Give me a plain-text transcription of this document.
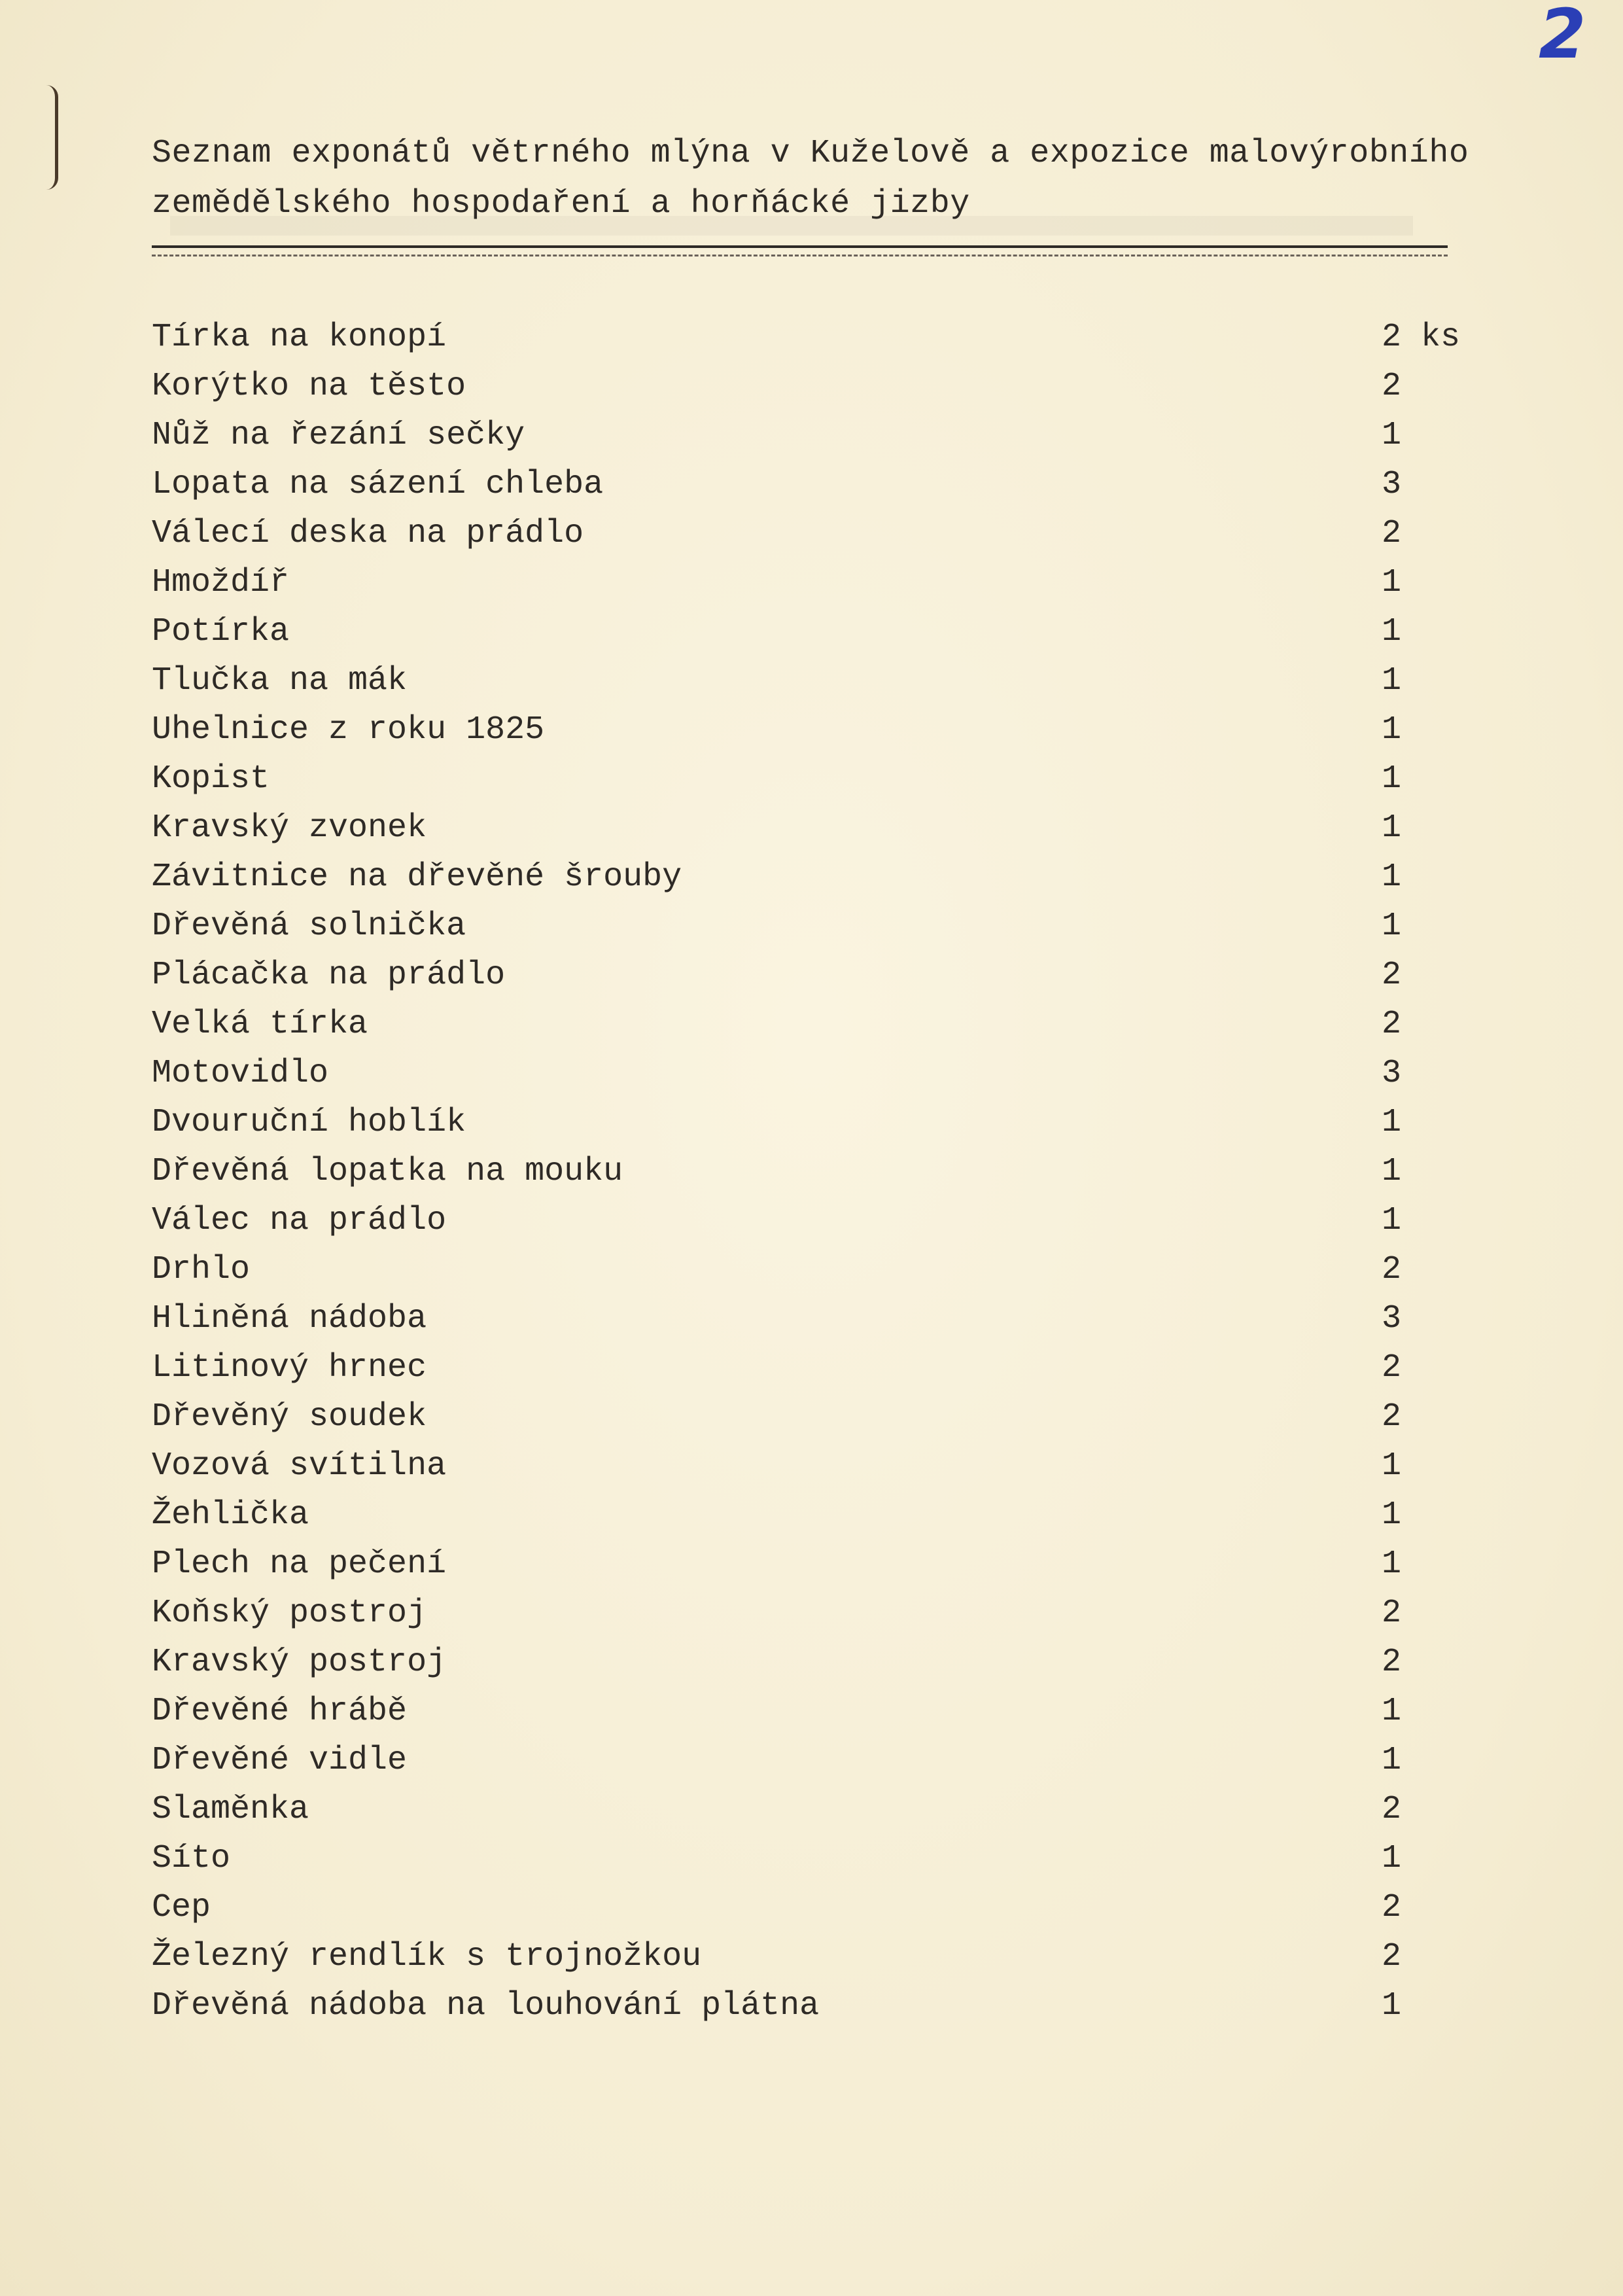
2
Seznam exponátů větrného mlýna v Kuželově a expozice malovýrobního
zemědělského hospodaření a horňácké jizby
Tírka na konopí	2 ks
Korýtko na těsto	2
Nůž na řezání sečky	1
Lopata na sázení chleba	3
Válecí deska na prádlo	2
Hmoždíř	1
Potírka	1
Tlučka na mák	1
Uhelnice z roku 1825	1
Kopist	1
Kravský zvonek	1
Závitnice na dřevěné šrouby	1
Dřevěná solnička	1
Plácačka na prádlo	2
Velká tírka	2
Motovidlo	3
Dvouruční hoblík	1
Dřevěná lopatka na mouku	1
Válec na prádlo	1
Drhlo	2
Hliněná nádoba	3
Litinový hrnec	2
Dřevěný soudek	2
Vozová svítilna	1
Žehlička	1
Plech na pečení	1
Koňský postroj	2
Kravský postroj	2
Dřevěné hrábě	1
Dřevěné vidle	1
Slaměnka	2
Síto	1
Cep	2
Železný rendlík s trojnožkou	2
Dřevěná nádoba na louhování plátna	1
